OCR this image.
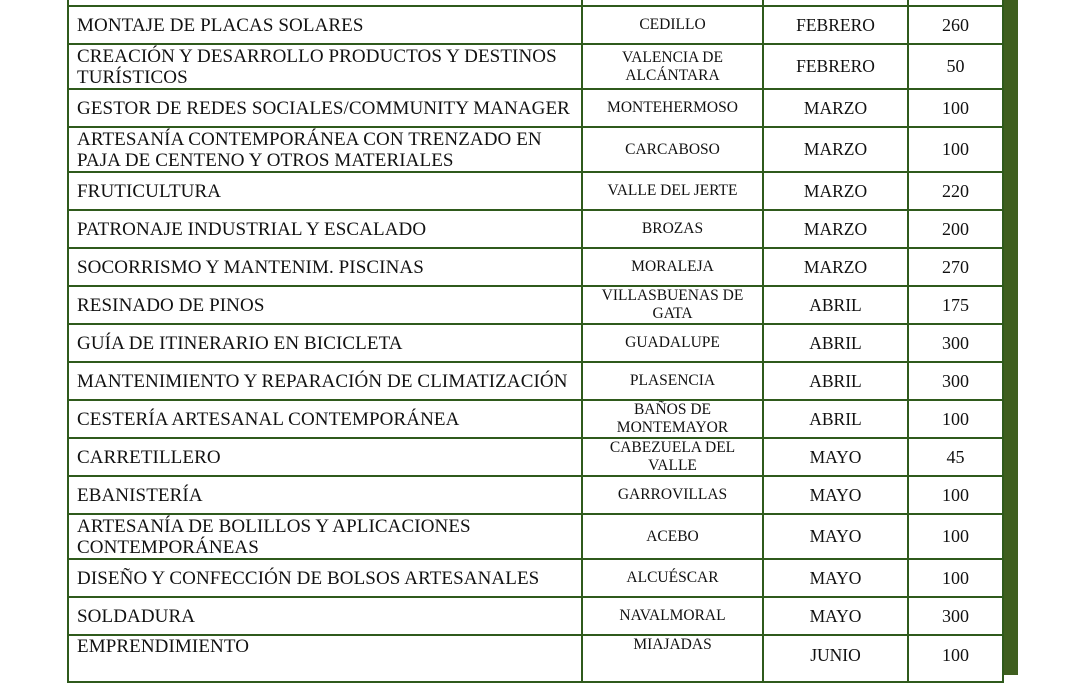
MONTAJE DE PLACAS SOLARES	CEDILLO	FEBRERO	260
CREACIÓN Y DESARROLLO PRODUCTOS Y DESTINOS TURÍSTICOS	VALENCIA DE ALCÁNTARA	FEBRERO	50
GESTOR DE REDES SOCIALES/COMMUNITY MANAGER	MONTEHERMOSO	MARZO	100
ARTESANÍA CONTEMPORÁNEA CON TRENZADO EN PAJA DE CENTENO Y OTROS MATERIALES	CARCABOSO	MARZO	100
FRUTICULTURA	VALLE DEL JERTE	MARZO	220
PATRONAJE INDUSTRIAL Y ESCALADO	BROZAS	MARZO	200
SOCORRISMO Y MANTENIM. PISCINAS	MORALEJA	MARZO	270
RESINADO DE PINOS	VILLASBUENAS DE GATA	ABRIL	175
GUÍA DE ITINERARIO EN BICICLETA	GUADALUPE	ABRIL	300
MANTENIMIENTO Y REPARACIÓN DE CLIMATIZACIÓN	PLASENCIA	ABRIL	300
CESTERÍA ARTESANAL CONTEMPORÁNEA	BAÑOS DE MONTEMAYOR	ABRIL	100
CARRETILLERO	CABEZUELA DEL VALLE	MAYO	45
EBANISTERÍA	GARROVILLAS	MAYO	100
ARTESANÍA DE BOLILLOS Y APLICACIONES CONTEMPORÁNEAS	ACEBO	MAYO	100
DISEÑO Y CONFECCIÓN DE BOLSOS ARTESANALES	ALCUÉSCAR	MAYO	100
SOLDADURA	NAVALMORAL	MAYO	300
EMPRENDIMIENTO	MIAJADAS	JUNIO	100
